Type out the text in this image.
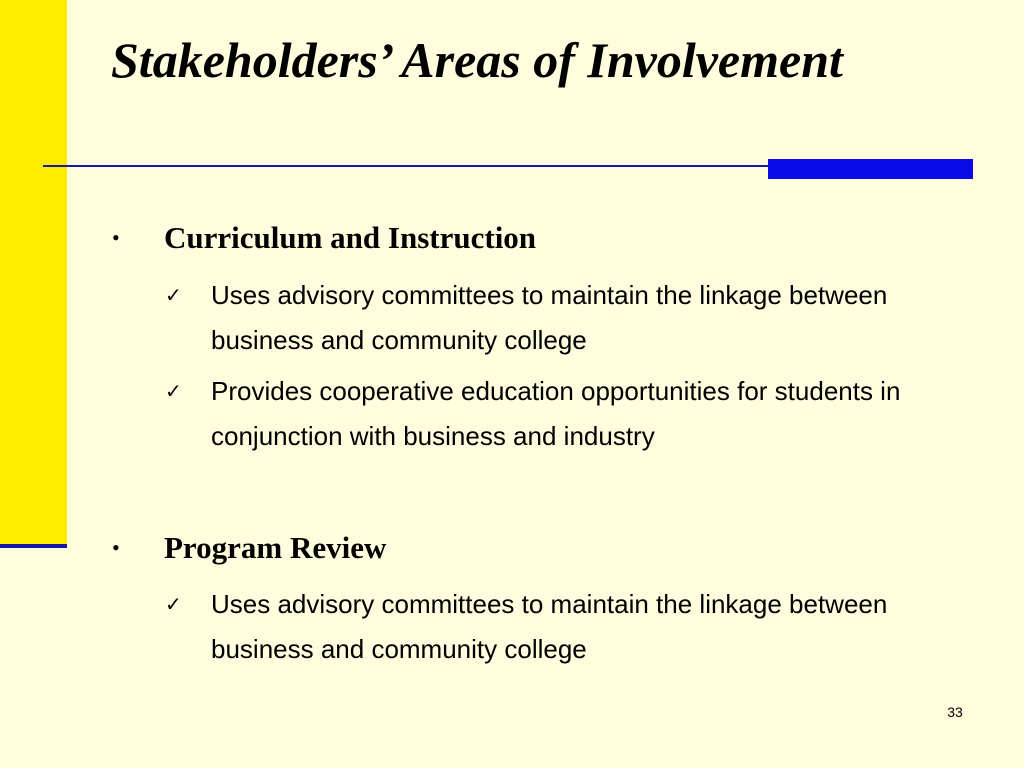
Stakeholders’ Areas of Involvement
• Curriculum and Instruction
✓	Uses advisory committees to maintain the linkage between business and community college
✓	Provides cooperative education opportunities for students in conjunction with business and industry
• Program Review
✓	Uses advisory committees to maintain the linkage between business and community college
33
